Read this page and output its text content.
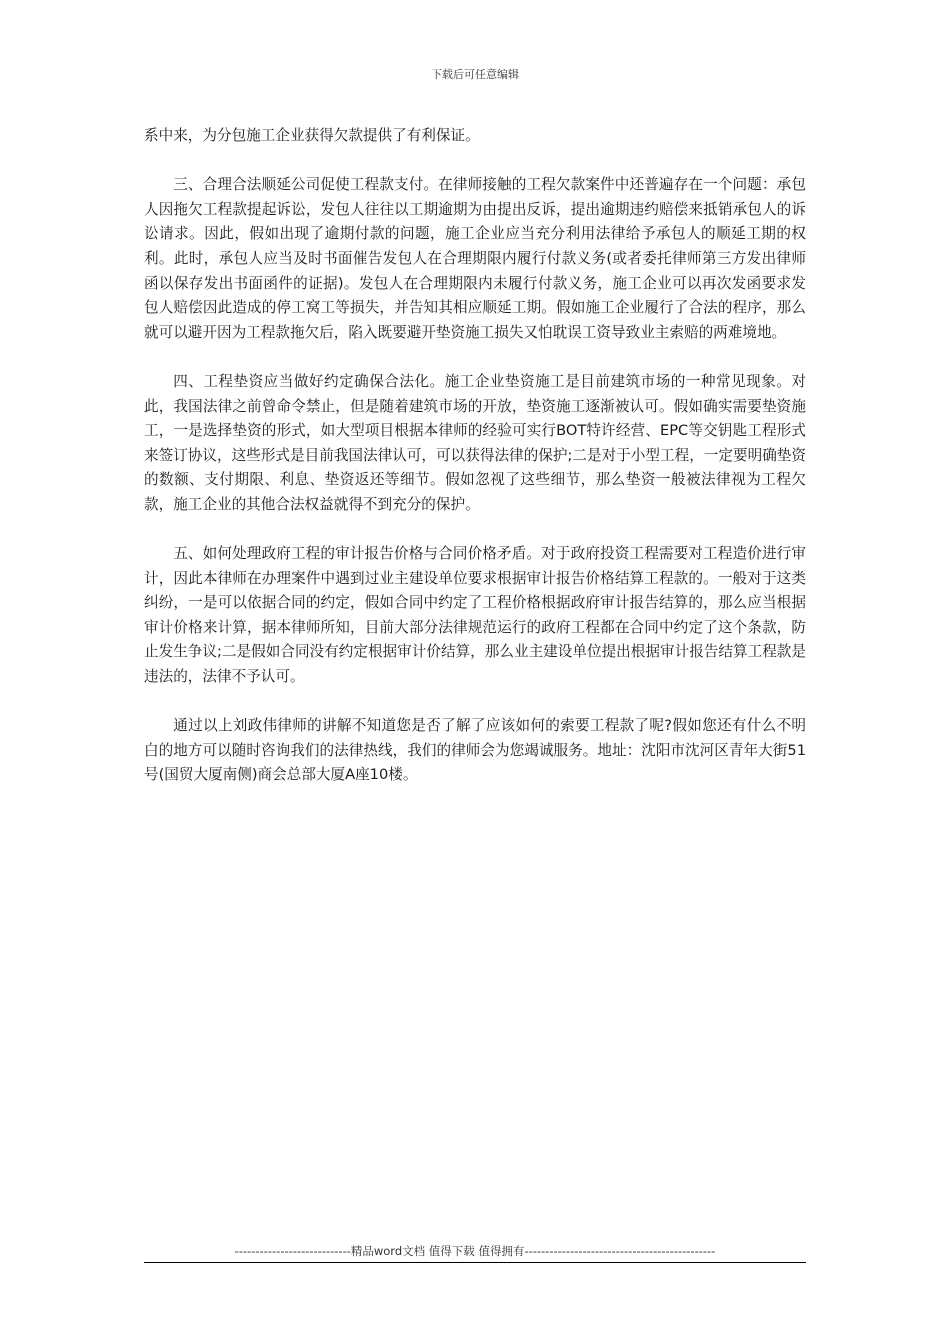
下载后可任意编辑

系中来，为分包施工企业获得欠款提供了有利保证。

三、合理合法顺延公司促使工程款支付。在律师接触的工程欠款案件中还普遍存在一个问题：承包人因拖欠工程款提起诉讼，发包人往往以工期逾期为由提出反诉，提出逾期违约赔偿来抵销承包人的诉讼请求。因此，假如出现了逾期付款的问题，施工企业应当充分利用法律给予承包人的顺延工期的权利。此时，承包人应当及时书面催告发包人在合理期限内履行付款义务(或者委托律师第三方发出律师函以保存发出书面函件的证据)。发包人在合理期限内未履行付款义务，施工企业可以再次发函要求发包人赔偿因此造成的停工窝工等损失，并告知其相应顺延工期。假如施工企业履行了合法的程序，那么就可以避开因为工程款拖欠后，陷入既要避开垫资施工损失又怕耽误工资导致业主索赔的两难境地。

四、工程垫资应当做好约定确保合法化。施工企业垫资施工是目前建筑市场的一种常见现象。对此，我国法律之前曾命令禁止，但是随着建筑市场的开放，垫资施工逐渐被认可。假如确实需要垫资施工，一是选择垫资的形式，如大型项目根据本律师的经验可实行BOT特许经营、EPC等交钥匙工程形式来签订协议，这些形式是目前我国法律认可，可以获得法律的保护;二是对于小型工程，一定要明确垫资的数额、支付期限、利息、垫资返还等细节。假如忽视了这些细节，那么垫资一般被法律视为工程欠款，施工企业的其他合法权益就得不到充分的保护。

五、如何处理政府工程的审计报告价格与合同价格矛盾。对于政府投资工程需要对工程造价进行审计，因此本律师在办理案件中遇到过业主建设单位要求根据审计报告价格结算工程款的。一般对于这类纠纷，一是可以依据合同的约定，假如合同中约定了工程价格根据政府审计报告结算的，那么应当根据审计价格来计算，据本律师所知，目前大部分法律规范运行的政府工程都在合同中约定了这个条款，防止发生争议;二是假如合同没有约定根据审计价结算，那么业主建设单位提出根据审计报告结算工程款是违法的，法律不予认可。

通过以上刘政伟律师的讲解不知道您是否了解了应该如何的索要工程款了呢?假如您还有什么不明白的地方可以随时咨询我们的法律热线，我们的律师会为您竭诚服务。地址：沈阳市沈河区青年大街51号(国贸大厦南侧)商会总部大厦A座10楼。

----------------------------精品word文档 值得下载 值得拥有----------------------------------------------
